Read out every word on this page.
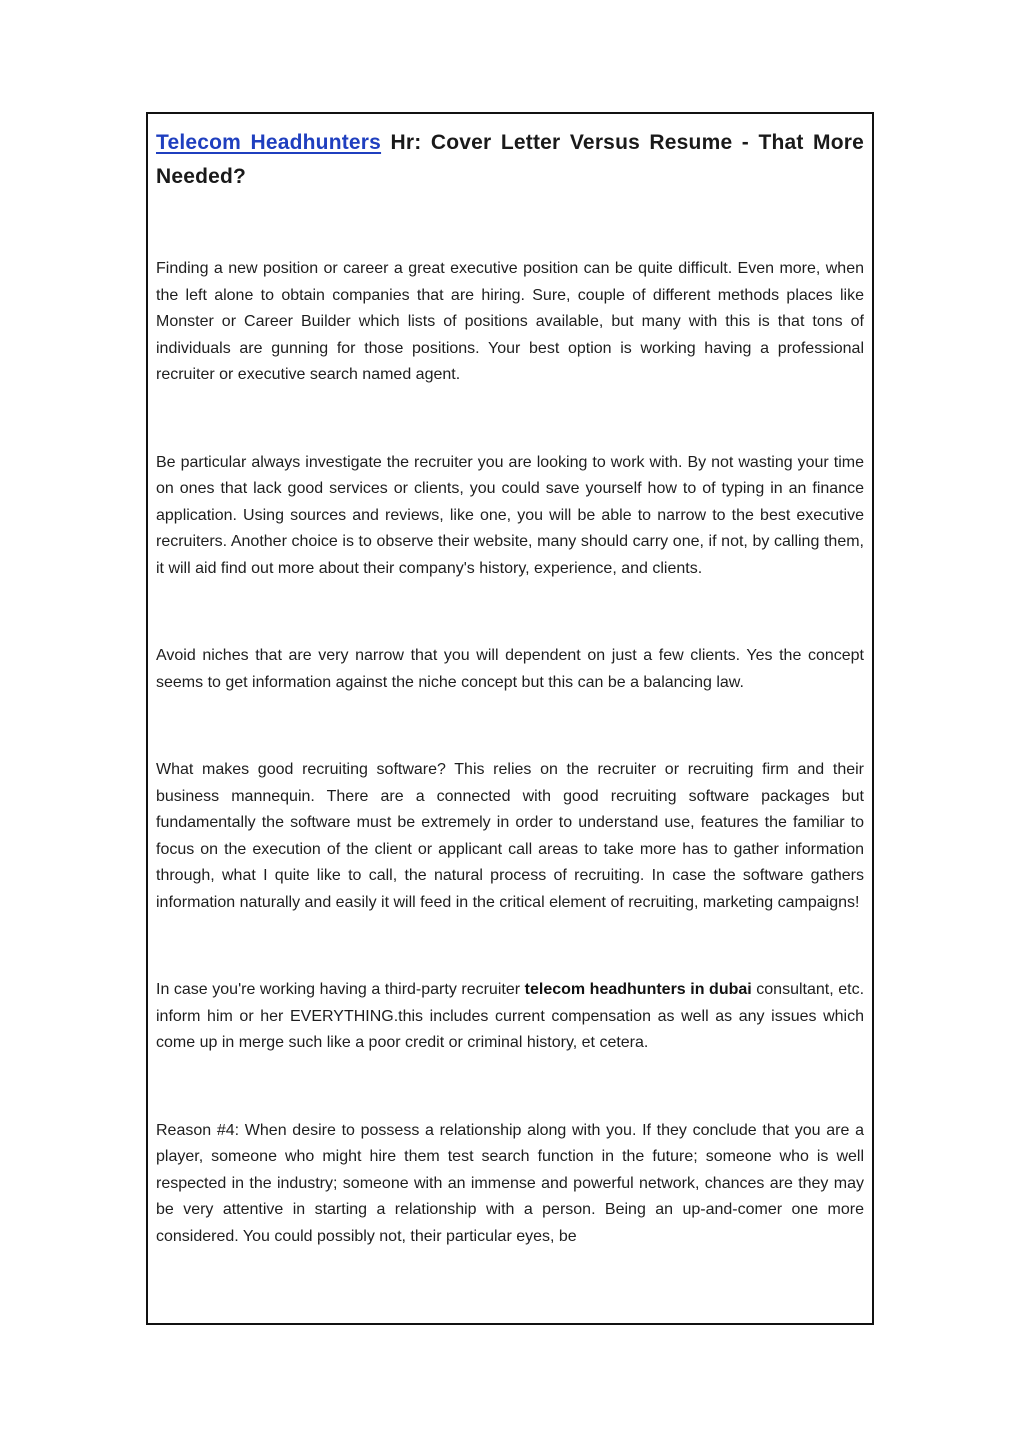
Telecom Headhunters Hr: Cover Letter Versus Resume - That More Needed?

Finding a new position or career a great executive position can be quite difficult. Even more, when the left alone to obtain companies that are hiring. Sure, couple of different methods places like Monster or Career Builder which lists of positions available, but many with this is that tons of individuals are gunning for those positions. Your best option is working having a professional recruiter or executive search named agent.

Be particular always investigate the recruiter you are looking to work with. By not wasting your time on ones that lack good services or clients, you could save yourself how to of typing in an finance application. Using sources and reviews, like one, you will be able to narrow to the best executive recruiters. Another choice is to observe their website, many should carry one, if not, by calling them, it will aid find out more about their company's history, experience, and clients.

Avoid niches that are very narrow that you will dependent on just a few clients. Yes the concept seems to get information against the niche concept but this can be a balancing law.

What makes good recruiting software? This relies on the recruiter or recruiting firm and their business mannequin. There are a connected with good recruiting software packages but fundamentally the software must be extremely in order to understand use, features the familiar to focus on the execution of the client or applicant call areas to take more has to gather information through, what I quite like to call, the natural process of recruiting. In case the software gathers information naturally and easily it will feed in the critical element of recruiting, marketing campaigns!

In case you're working having a third-party recruiter telecom headhunters in dubai consultant, etc. inform him or her EVERYTHING.this includes current compensation as well as any issues which come up in merge such like a poor credit or criminal history, et cetera.

Reason #4: When desire to possess a relationship along with you. If they conclude that you are a player, someone who might hire them test search function in the future; someone who is well respected in the industry; someone with an immense and powerful network, chances are they may be very attentive in starting a relationship with a person. Being an up-and-comer one more considered. You could possibly not, their particular eyes, be
